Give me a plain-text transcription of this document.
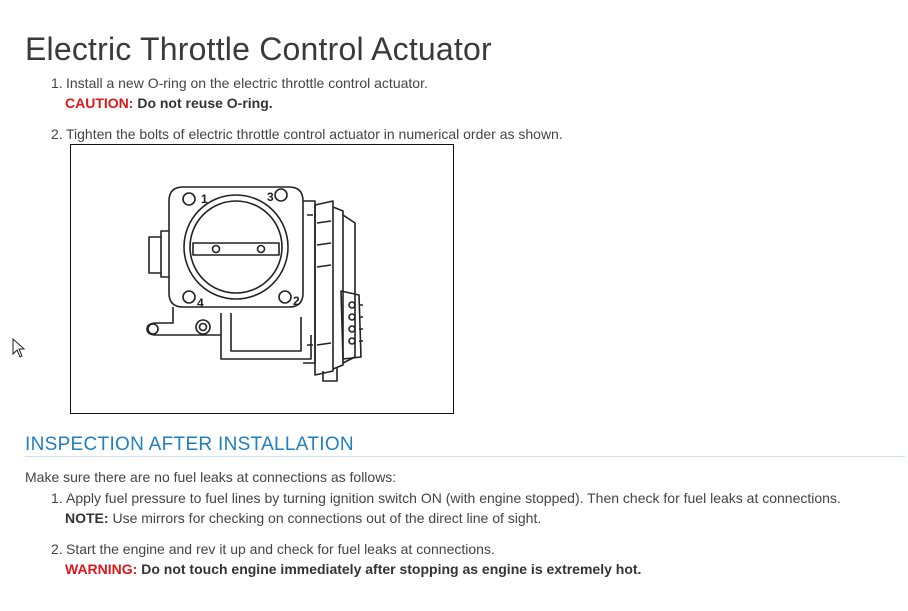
Electric Throttle Control Actuator
1. Install a new O-ring on the electric throttle control actuator.
CAUTION: Do not reuse O-ring.
2. Tighten the bolts of electric throttle control actuator in numerical order as shown.
1	3
4	2
INSPECTION AFTER INSTALLATION
Make sure there are no fuel leaks at connections as follows:
1. Apply fuel pressure to fuel lines by turning ignition switch ON (with engine stopped). Then check for fuel leaks at connections.
NOTE: Use mirrors for checking on connections out of the direct line of sight.
2. Start the engine and rev it up and check for fuel leaks at connections.
WARNING: Do not touch engine immediately after stopping as engine is extremely hot.
